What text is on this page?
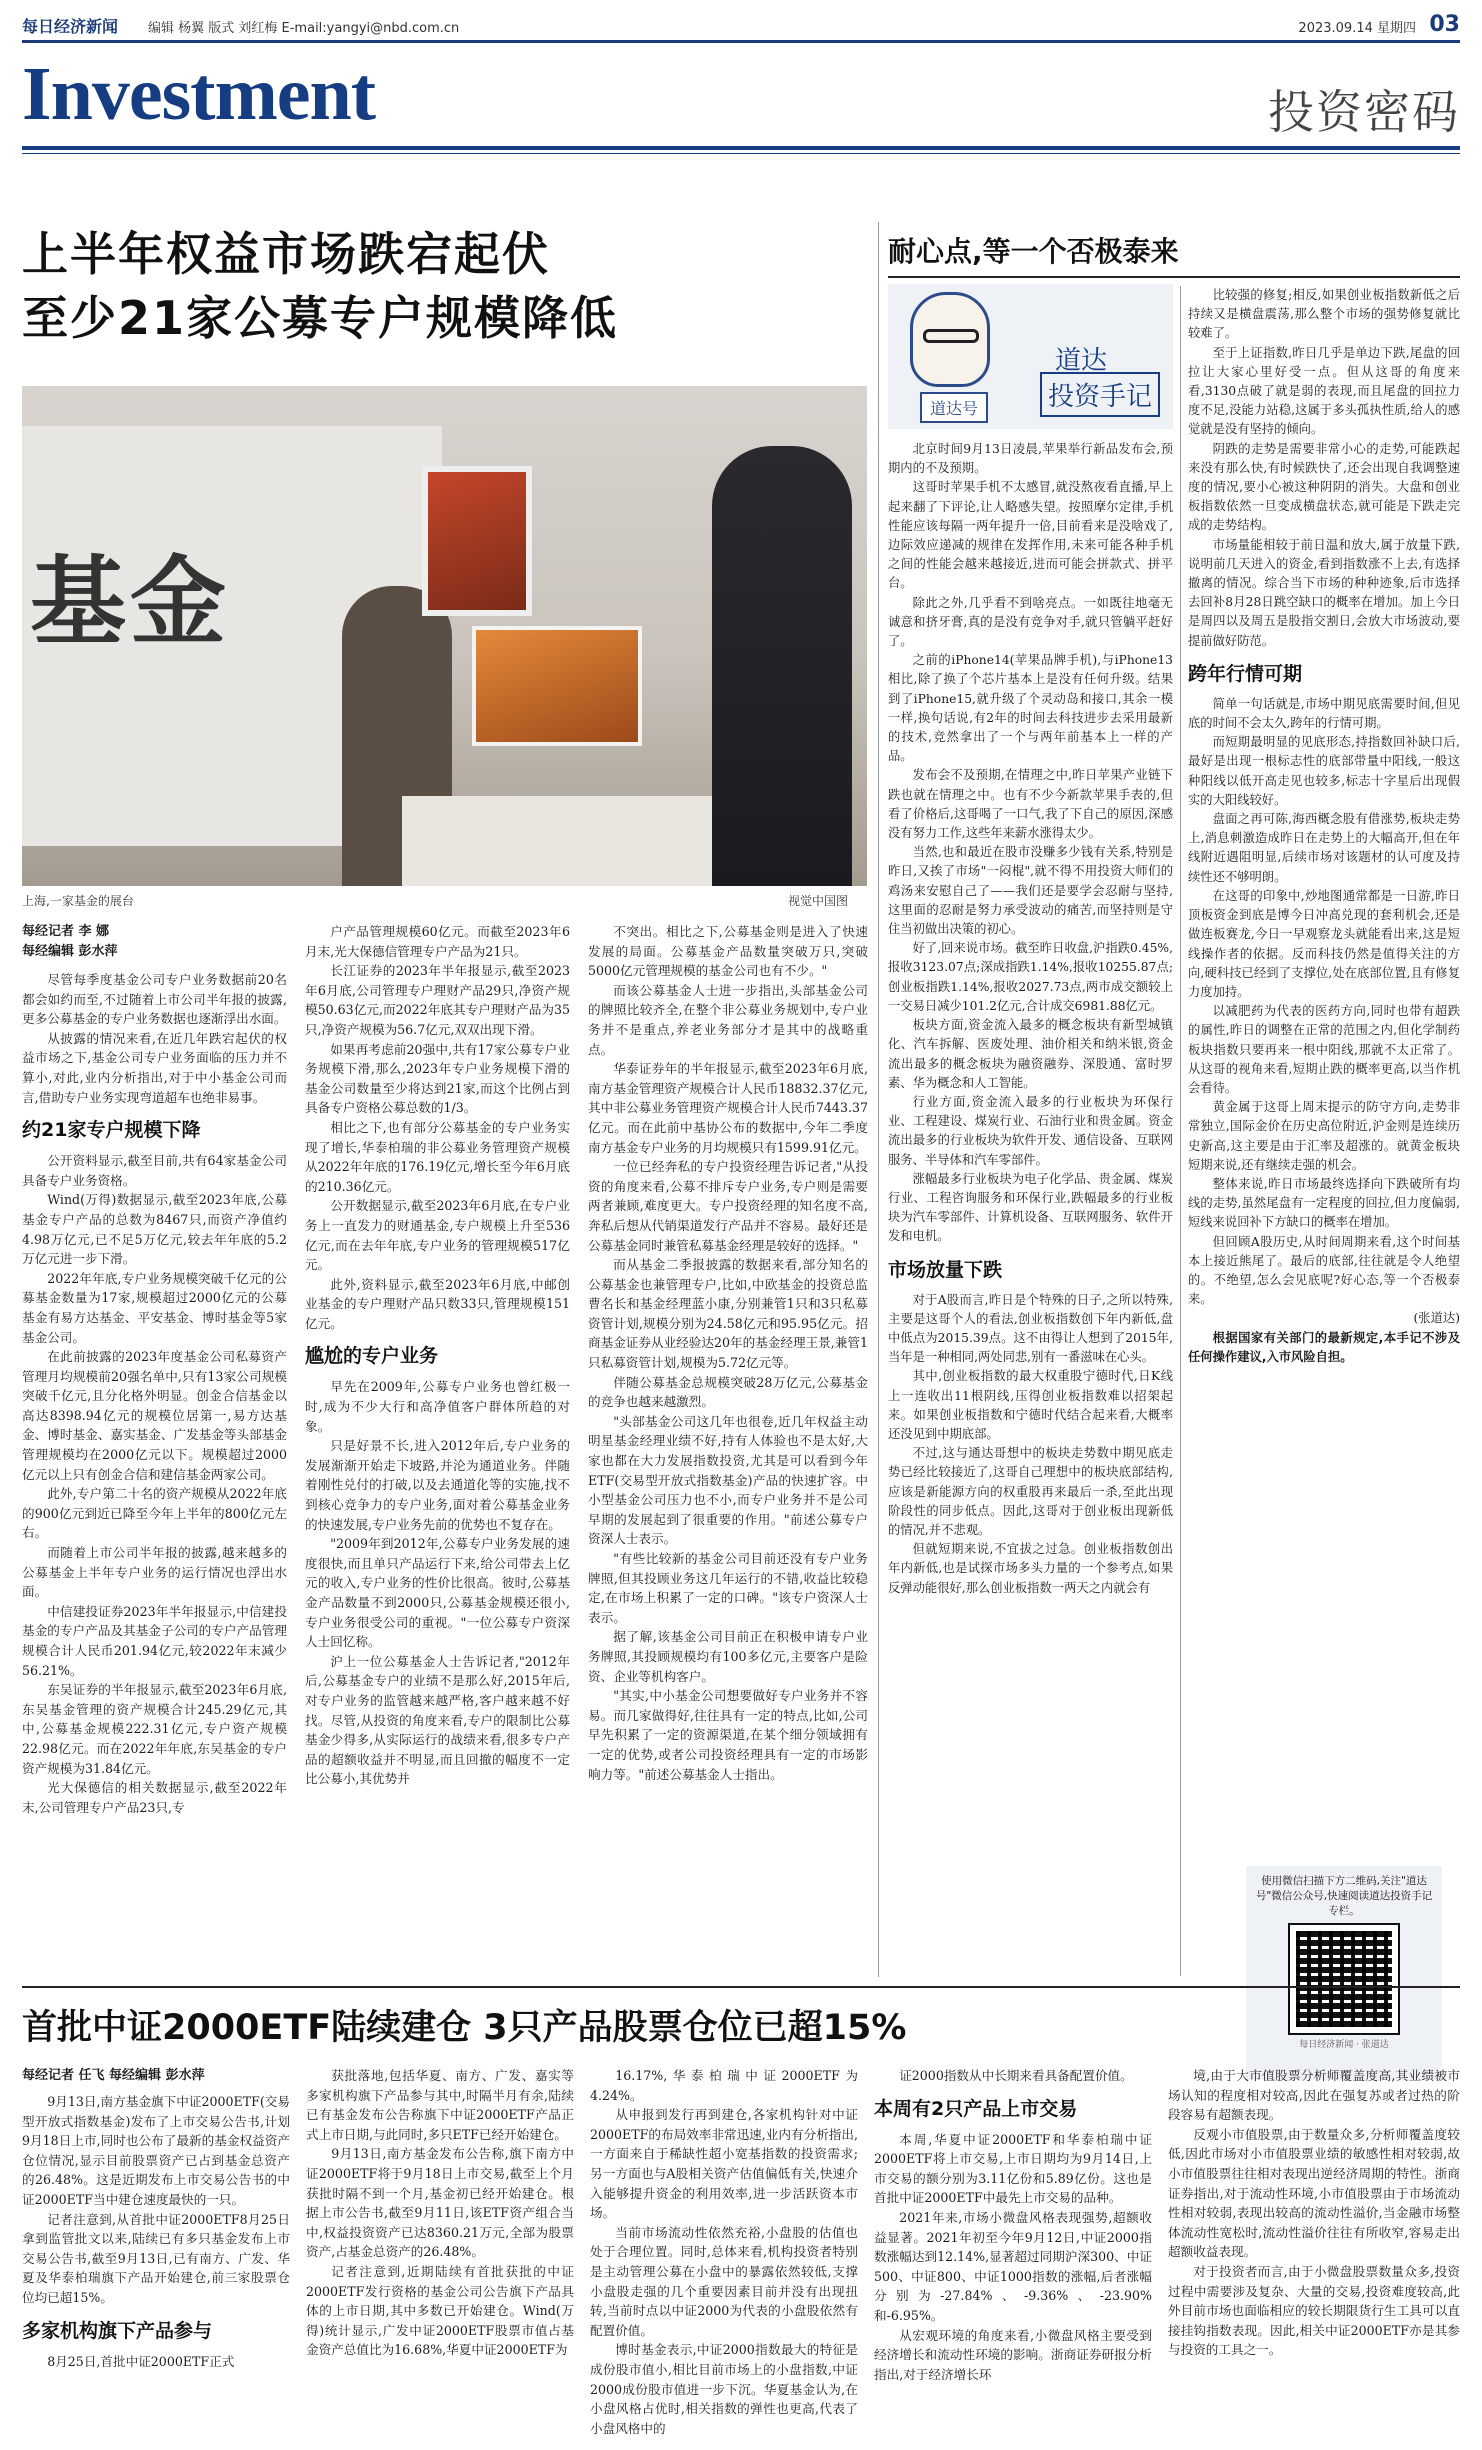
每日经济新闻 编辑 杨翼 版式 刘红梅 E-mail:yangyi@nbd.com.cn	2023.09.14 星期四 03
Investment	投资密码
上半年权益市场跌宕起伏
至少21家公募专户规模降低
基金
上海,一家基金的展台	视觉中国图
每经记者 李 娜
每经编辑 彭水萍

尽管每季度基金公司专户业务数据前20名都会如约而至,不过随着上市公司半年报的披露,更多公募基金的专户业务数据也逐渐浮出水面。

从披露的情况来看,在近几年跌宕起伏的权益市场之下,基金公司专户业务面临的压力并不算小,对此,业内分析指出,对于中小基金公司而言,借助专户业务实现弯道超车也绝非易事。

约21家专户规模下降

公开资料显示,截至目前,共有64家基金公司具备专户业务资格。

Wind(万得)数据显示,截至2023年底,公募基金专户产品的总数为8467只,而资产净值约4.98万亿元,已不足5万亿元,较去年年底的5.2万亿元进一步下滑。

2022年年底,专户业务规模突破千亿元的公募基金数量为17家,规模超过2000亿元的公募基金有易方达基金、平安基金、博时基金等5家基金公司。

在此前披露的2023年度基金公司私募资产管理月均规模前20强名单中,只有13家公司规模突破千亿元,且分化格外明显。创金合信基金以高达8398.94亿元的规模位居第一,易方达基金、博时基金、嘉实基金、广发基金等头部基金管理规模均在2000亿元以下。规模超过2000亿元以上只有创金合信和建信基金两家公司。

此外,专户第二十名的资产规模从2022年底的900亿元到近已降至今年上半年的800亿元左右。

而随着上市公司半年报的披露,越来越多的公募基金上半年专户业务的运行情况也浮出水面。

中信建投证券2023年半年报显示,中信建投基金的专户产品及其基金子公司的专户产品管理规模合计人民币201.94亿元,较2022年末减少56.21%。

东吴证券的半年报显示,截至2023年6月底,东吴基金管理的资产规模合计245.29亿元,其中,公募基金规模222.31亿元,专户资产规模22.98亿元。而在2022年年底,东吴基金的专户资产规模为31.84亿元。

光大保德信的相关数据显示,截至2022年末,公司管理专户产品23只,专

户产品管理规模60亿元。而截至2023年6月末,光大保德信管理专户产品为21只。

长江证券的2023年半年报显示,截至2023年6月底,公司管理专户理财产品29只,净资产规模50.63亿元,而2022年底其专户理财产品为35只,净资产规模为56.7亿元,双双出现下滑。

如果再考虑前20强中,共有17家公募专户业务规模下滑,那么,2023年专户业务规模下滑的基金公司数量至少将达到21家,而这个比例占到具备专户资格公募总数的1/3。

相比之下,也有部分公募基金的专户业务实现了增长,华泰柏瑞的非公募业务管理资产规模从2022年年底的176.19亿元,增长至今年6月底的210.36亿元。

公开数据显示,截至2023年6月底,在专户业务上一直发力的财通基金,专户规模上升至536亿元,而在去年年底,专户业务的管理规模517亿元。

此外,资料显示,截至2023年6月底,中邮创业基金的专户理财产品只数33只,管理规模151亿元。

尴尬的专户业务

早先在2009年,公募专户业务也曾红极一时,成为不少大行和高净值客户群体所趋的对象。

只是好景不长,进入2012年后,专户业务的发展渐渐开始走下坡路,并沦为通道业务。伴随着刚性兑付的打破,以及去通道化等的实施,找不到核心竞争力的专户业务,面对着公募基金业务的快速发展,专户业务先前的优势也不复存在。

"2009年到2012年,公募专户业务发展的速度很快,而且单只产品运行下来,给公司带去上亿元的收入,专户业务的性价比很高。彼时,公募基金产品数量不到2000只,公募基金规模还很小,专户业务很受公司的重视。"一位公募专户资深人士回忆称。

沪上一位公募基金人士告诉记者,"2012年后,公募基金专户的业绩不是那么好,2015年后,对专户业务的监管越来越严格,客户越来越不好找。尽管,从投资的角度来看,专户的限制比公募基金少得多,从实际运行的战绩来看,很多专户产品的超额收益并不明显,而且回撤的幅度不一定比公募小,其优势并

不突出。相比之下,公募基金则是进入了快速发展的局面。公募基金产品数量突破万只,突破5000亿元管理规模的基金公司也有不少。"

而该公募基金人士进一步指出,头部基金公司的牌照比较齐全,在整个非公募业务规划中,专户业务并不是重点,养老业务部分才是其中的战略重点。

华泰证券年的半年报显示,截至2023年6月底,南方基金管理资产规模合计人民币18832.37亿元,其中非公募业务管理资产规模合计人民币7443.37亿元。而在此前中基协公布的数据中,今年二季度南方基金专户业务的月均规模只有1599.91亿元。

一位已经奔私的专户投资经理告诉记者,"从投资的角度来看,公募不排斥专户业务,专户则是需要两者兼顾,难度更大。专户投资经理的知名度不高,奔私后想从代销渠道发行产品并不容易。最好还是公募基金同时兼管私募基金经理是较好的选择。"

而从基金二季报披露的数据来看,部分知名的公募基金也兼管理专户,比如,中欧基金的投资总监曹名长和基金经理蓝小康,分别兼管1只和3只私募资管计划,规模分别为24.58亿元和95.95亿元。招商基金证券从业经验达20年的基金经理王景,兼管1只私募资管计划,规模为5.72亿元等。

伴随公募基金总规模突破28万亿元,公募基金的竞争也越来越激烈。

"头部基金公司这几年也很卷,近几年权益主动明星基金经理业绩不好,持有人体验也不是太好,大家也都在大力发展指数投资,尤其是可以看到今年ETF(交易型开放式指数基金)产品的快速扩容。中小型基金公司压力也不小,而专户业务并不是公司早期的发展起到了很重要的作用。"前述公募专户资深人士表示。

"有些比较新的基金公司目前还没有专户业务牌照,但其投顾业务这几年运行的不错,收益比较稳定,在市场上积累了一定的口碑。"该专户资深人士表示。

据了解,该基金公司目前正在积极申请专户业务牌照,其投顾规模均有100多亿元,主要客户是险资、企业等机构客户。

"其实,中小基金公司想要做好专户业务并不容易。而几家做得好,往往具有一定的特点,比如,公司早先积累了一定的资源渠道,在某个细分领域拥有一定的优势,或者公司投资经理具有一定的市场影响力等。"前述公募基金人士指出。

耐心点,等一个否极泰来
道达号
道达
投资手记

北京时间9月13日凌晨,苹果举行新品发布会,预期内的不及预期。

这哥时苹果手机不太感冒,就没熬夜看直播,早上起来翻了下评论,让人略感失望。按照摩尔定律,手机性能应该每隔一两年提升一倍,目前看来是没啥戏了,边际效应递减的规律在发挥作用,未来可能各种手机之间的性能会越来越接近,进而可能会拼款式、拼平台。

除此之外,几乎看不到啥亮点。一如既往地毫无诚意和挤牙膏,真的是没有竞争对手,就只管躺平赶好了。

之前的iPhone14(苹果品牌手机),与iPhone13相比,除了换了个芯片基本上是没有任何升级。结果到了iPhone15,就升级了个灵动岛和接口,其余一模一样,换句话说,有2年的时间去科技进步去采用最新的技术,竞然拿出了一个与两年前基本上一样的产品。

发布会不及预期,在情理之中,昨日苹果产业链下跌也就在情理之中。也有不少今新款苹果手表的,但看了价格后,这哥喝了一口气,我了下自己的原因,深感没有努力工作,这些年来薪水涨得太少。

当然,也和最近在股市没赚多少钱有关系,特别是昨日,又挨了市场"一闷棍",就不得不用投资大师们的鸡汤来安慰自己了——我们还是要学会忍耐与坚持,这里面的忍耐是努力承受波动的痛苦,而坚持则是守住当初做出决策的初心。

好了,回来说市场。截至昨日收盘,沪指跌0.45%,报收3123.07点;深成指跌1.14%,报收10255.87点;创业板指跌1.14%,报收2027.73点,两市成交额较上一交易日减少101.2亿元,合计成交6981.88亿元。

板块方面,资金流入最多的概念板块有新型城镇化、汽车拆解、医废处理、油价相关和纳米银,资金流出最多的概念板块为融资融券、深股通、富时罗素、华为概念和人工智能。

行业方面,资金流入最多的行业板块为环保行业、工程建设、煤炭行业、石油行业和贵金属。资金流出最多的行业板块为软件开发、通信设备、互联网服务、半导体和汽车零部件。

涨幅最多行业板块为电子化学品、贵金属、煤炭行业、工程咨询服务和环保行业,跌幅最多的行业板块为汽车零部件、计算机设备、互联网服务、软件开发和电机。

市场放量下跌

对于A股而言,昨日是个特殊的日子,之所以特殊,主要是这哥个人的看法,创业板指数创下年内新低,盘中低点为2015.39点。这不由得让人想到了2015年,当年是一种相同,两处同悲,别有一番滋味在心头。

其中,创业板指数的最大权重股宁德时代,日K线上一连收出11根阴线,压得创业板指数难以招架起来。如果创业板指数和宁德时代结合起来看,大概率还没见到中期底部。

不过,这与通达哥想中的板块走势数中期见底走势已经比较接近了,这哥自己理想中的板块底部结构,应该是新能源方向的权重股再来最后一杀,至此出现阶段性的同步低点。因此,这哥对于创业板出现新低的情况,并不悲观。

但就短期来说,不宜拔之过急。创业板指数创出年内新低,也是试探市场多头力量的一个参考点,如果反弹动能很好,那么创业板指数一两天之内就会有

比较强的修复;相反,如果创业板指数新低之后持续又是横盘震荡,那么整个市场的强势修复就比较难了。

至于上证指数,昨日几乎是单边下跌,尾盘的回拉让大家心里好受一点。但从这哥的角度来看,3130点破了就是弱的表现,而且尾盘的回拉力度不足,没能力站稳,这属于多头孤执性质,给人的感觉就是没有坚持的倾向。

阴跌的走势是需要非常小心的走势,可能跌起来没有那么快,有时候跌快了,还会出现自我调整速度的情况,要小心被这种阴阴的消失。大盘和创业板指数依然一旦变成横盘状态,就可能是下跌走完成的走势结构。

市场量能相较于前日温和放大,属于放量下跌,说明前几天进入的资金,看到指数涨不上去,有选择撤离的情况。综合当下市场的种种迹象,后市选择去回补8月28日跳空缺口的概率在增加。加上今日是周四以及周五是股指交割日,会放大市场波动,要提前做好防范。

跨年行情可期

简单一句话就是,市场中期见底需要时间,但见底的时间不会太久,跨年的行情可期。

而短期最明显的见底形态,持指数回补缺口后,最好是出现一根标志性的底部带量中阳线,一般这种阳线以低开高走见也较多,标志十字星后出现假实的大阳线较好。

盘面之再可陈,海西概念股有借涨势,板块走势上,消息刺激造成昨日在走势上的大幅高开,但在年线附近遇阻明显,后续市场对该题材的认可度及持续性还不够明朗。

在这哥的印象中,炒地图通常都是一日游,昨日顶板资金到底是博今日冲高兑现的套利机会,还是做连板赛龙,今日一早观察龙头就能看出来,这是短线操作者的依据。反而科技仍然是值得关注的方向,硬科技已经到了支撑位,处在底部位置,且有修复力度加持。

以减肥药为代表的医药方向,同时也带有超跌的属性,昨日的调整在正常的范围之内,但化学制药板块指数只要再来一根中阳线,那就不太正常了。从这哥的视角来看,短期止跌的概率更高,以当作机会看待。

黄金属于这哥上周末提示的防守方向,走势非常独立,国际金价在历史高位附近,沪金则是连续历史新高,这主要是由于汇率及超涨的。就黄金板块短期来说,还有继续走强的机会。

整体来说,昨日市场最终选择向下跌破所有均线的走势,虽然尾盘有一定程度的回拉,但力度偏弱,短线来说回补下方缺口的概率在增加。

但回顾A股历史,从时间周期来看,这个时间基本上接近熊尾了。最后的底部,往往就是令人绝望的。不绝望,怎么会见底呢?好心态,等一个否极泰来。

(张道达)

根据国家有关部门的最新规定,本手记不涉及任何操作建议,入市风险自担。

使用微信扫描下方二维码,关注"道达号"微信公众号,快速阅读道达投资手记专栏。
每日经济新闻 · 张道达
首批中证2000ETF陆续建仓 3只产品股票仓位已超15%
每经记者 任飞 每经编辑 彭水萍

9月13日,南方基金旗下中证2000ETF(交易型开放式指数基金)发布了上市交易公告书,计划9月18日上市,同时也公布了最新的基金权益资产仓位情况,显示目前股票资产已占到基金总资产的26.48%。这是近期发布上市交易公告书的中证2000ETF当中建仓速度最快的一只。

记者注意到,从首批中证2000ETF8月25日拿到监管批文以来,陆续已有多只基金发布上市交易公告书,截至9月13日,已有南方、广发、华夏及华泰柏瑞旗下产品开始建仓,前三家股票仓位均已超15%。

多家机构旗下产品参与

8月25日,首批中证2000ETF正式

获批落地,包括华夏、南方、广发、嘉实等多家机构旗下产品参与其中,时隔半月有余,陆续已有基金发布公告称旗下中证2000ETF产品正式上市日期,与此同时,多只ETF已经开始建仓。

9月13日,南方基金发布公告称,旗下南方中证2000ETF将于9月18日上市交易,截至上个月获批时隔不到一个月,基金初已经开始建仓。根据上市公告书,截至9月11日,该ETF资产组合当中,权益投资资产已达8360.21万元,全部为股票资产,占基金总资产的26.48%。

记者注意到,近期陆续有首批获批的中证2000ETF发行资格的基金公司公告旗下产品具体的上市日期,其中多数已开始建仓。Wind(万得)统计显示,广发中证2000ETF股票市值占基金资产总值比为16.68%,华夏中证2000ETF为

16.17%,华泰柏瑞中证2000ETF为4.24%。

从申报到发行再到建仓,各家机构针对中证2000ETF的布局效率非常迅速,业内有分析指出,一方面来自于稀缺性超小宽基指数的投资需求;另一方面也与A股相关资产估值偏低有关,快速介入能够提升资金的利用效率,进一步活跃资本市场。

当前市场流动性依然充裕,小盘股的估值也处于合理位置。同时,总体来看,机构投资者特别是主动管理公募在小盘中的暴露依然较低,支撑小盘股走强的几个重要因素目前并没有出现扭转,当前时点以中证2000为代表的小盘股依然有配置价值。

博时基金表示,中证2000指数最大的特征是成份股市值小,相比目前市场上的小盘指数,中证2000成份股市值进一步下沉。华夏基金认为,在小盘风格占优时,相关指数的弹性也更高,代表了小盘风格中的

证2000指数从中长期来看具备配置价值。

本周有2只产品上市交易

本周,华夏中证2000ETF和华泰柏瑞中证2000ETF将上市交易,上市日期均为9月14日,上市交易的额分别为3.11亿份和5.89亿份。这也是首批中证2000ETF中最先上市交易的品种。

2021年来,市场小微盘风格表现强势,超额收益显著。2021年初至今年9月12日,中证2000指数涨幅达到12.14%,显著超过同期沪深300、中证500、中证800、中证1000指数的涨幅,后者涨幅分别为-27.84%、-9.36%、-23.90%和-6.95%。

从宏观环境的角度来看,小微盘风格主要受到经济增长和流动性环境的影响。浙商证券研报分析指出,对于经济增长环

境,由于大市值股票分析师覆盖度高,其业绩被市场认知的程度相对较高,因此在强复苏或者过热的阶段容易有超额表现。

反观小市值股票,由于数量众多,分析师覆盖度较低,因此市场对小市值股票业绩的敏感性相对较弱,故小市值股票往往相对表现出逆经济周期的特性。浙商证券指出,对于流动性环境,小市值股票由于市场流动性相对较弱,表现出较高的流动性溢价,当金融市场整体流动性宽松时,流动性溢价往往有所收窄,容易走出超额收益表现。

对于投资者而言,由于小微盘股票数量众多,投资过程中需要涉及复杂、大量的交易,投资难度较高,此外目前市场也面临相应的较长期限货行生工具可以直接挂钩指数表现。因此,相关中证2000ETF亦是其参与投资的工具之一。
